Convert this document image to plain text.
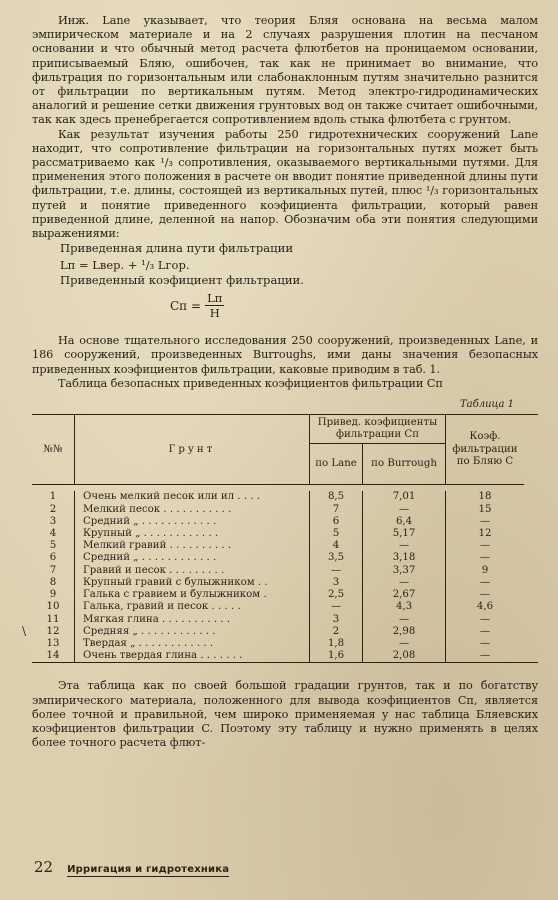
Инж. Lane указывает, что теория Бляя основана на весьма малом эмпирическом материале и на 2 случаях разрушения плотин на песчаном основании и что обычный метод расчета флютбетов на проницаемом основании, приписываемый Бляю, ошибочен, так как не принимает во внимание, что фильтрация по горизонтальным или слабонаклонным путям значительно разнится от фильтрации по вертикальным путям. Метод электро-гидродинамических аналогий и решение сетки движения грунтовых вод он также считает ошибочными, так как здесь пренебрегается сопротивлением вдоль стыка флютбета с грунтом.

Как результат изучения работы 250 гидротехнических сооружений Lane находит, что сопротивление фильтрации на горизонтальных путях может быть рассматриваемо как ¹/₃ сопротивления, оказываемого вертикальными путями. Для применения этого положения в расчете он вводит понятие приведенной длины пути фильтрации, т.е. длины, состоящей из вертикальных путей, плюс ¹/₃ горизонтальных путей и понятие приведенного коэфициента фильтрации, который равен приведенной длине, деленной на напор. Обозначим оба эти понятия следующими выражениями:

Приведенная длина пути фильтрации

Lп = Lвер. + ¹/₃ Lгор.

Приведенный коэфициент фильтрации.

Cп = $\frac{Lп}{H}$

На основе тщательного исследования 250 сооружений, произведенных Lane, и 186 сооружений, произведенных Burroughs, ими даны значения безопасных приведенных коэфициентов фильтрации, каковые приводим в таб. 1.

Таблица безопасных приведенных коэфициентов фильтрации Cп

Таблица 1
№№	Грунт	Привед. коэфициенты фильтрации Cп		Коэф. фильтрации по Бляю C
		по Lane	по Burrough	

1	Очень мелкий песок или ил . . . .	8,5	7,01	18
2	Мелкий песок . . . . . . . . . . .	7	—	15
3	Средний „ . . . . . . . . . . . .	6	6,4	—
4	Крупный „ . . . . . . . . . . . .	5	5,17	12
5	Мелкий гравий . . . . . . . . . .	4	—	—
6	Средний „ . . . . . . . . . . . .	3,5	3,18	—
7	Гравий и песок . . . . . . . . .	—	3,37	9
8	Крупный гравий с булыжником . .	3	—	—
9	Галька с гравием и булыжником .	2,5	2,67	—
10	Галька, гравий и песок . . . . .	—	4,3	4,6
11	Мягкая глина . . . . . . . . . . .	3	—	—
12	Средняя „ . . . . . . . . . . . .	2	2,98	—
13	Твердая „ . . . . . . . . . . . .	1,8	—	—
14	Очень твердая глина . . . . . . .	1,6	2,08	—

Эта таблица как по своей большой градации грунтов, так и по богатству эмпирического материала, положенного для вывода коэфициентов Cп, является более точной и правильной, чем широко применяемая у нас таблица Бляевских коэфициентов фильтрации C. Поэтому эту таблицу и нужно применять в целях более точного расчета флют-

\
22 Ирригация и гидротехника
